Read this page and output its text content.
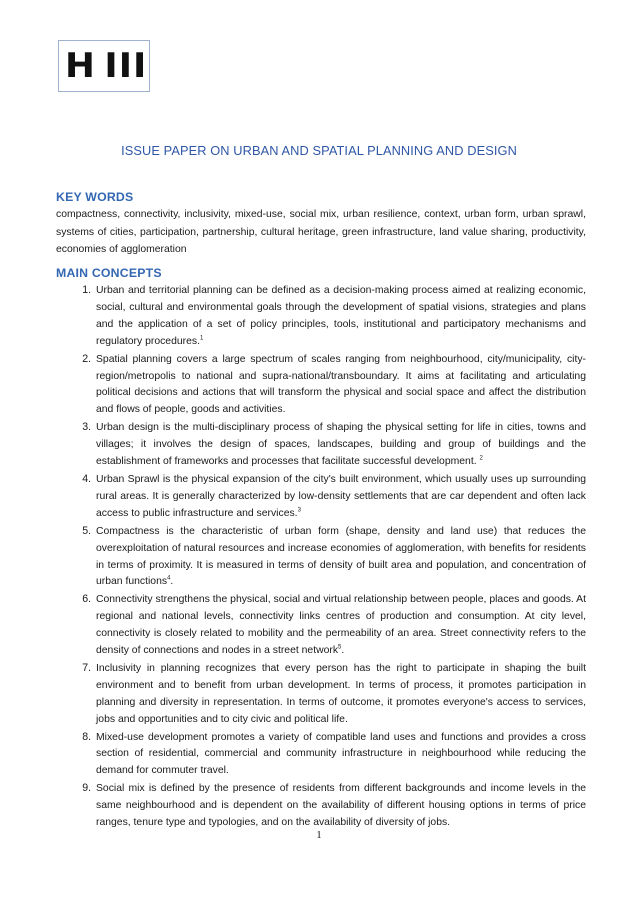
H III
ISSUE PAPER ON URBAN AND SPATIAL PLANNING AND DESIGN
KEY WORDS
compactness, connectivity, inclusivity, mixed-use, social mix, urban resilience, context, urban form, urban sprawl, systems of cities, participation, partnership, cultural heritage, green infrastructure, land value sharing, productivity, economies of agglomeration
MAIN CONCEPTS
1. Urban and territorial planning can be defined as a decision-making process aimed at realizing economic, social, cultural and environmental goals through the development of spatial visions, strategies and plans and the application of a set of policy principles, tools, institutional and participatory mechanisms and regulatory procedures.$^1$
2. Spatial planning covers a large spectrum of scales ranging from neighbourhood, city/municipality, city-region/metropolis to national and supra-national/transboundary. It aims at facilitating and articulating political decisions and actions that will transform the physical and social space and affect the distribution and flows of people, goods and activities.
3. Urban design is the multi-disciplinary process of shaping the physical setting for life in cities, towns and villages; it involves the design of spaces, landscapes, building and group of buildings and the establishment of frameworks and processes that facilitate successful development. $^2$
4. Urban Sprawl is the physical expansion of the city's built environment, which usually uses up surrounding rural areas. It is generally characterized by low-density settlements that are car dependent and often lack access to public infrastructure and services.$^3$
5. Compactness is the characteristic of urban form (shape, density and land use) that reduces the overexploitation of natural resources and increase economies of agglomeration, with benefits for residents in terms of proximity. It is measured in terms of density of built area and population, and concentration of urban functions$^4$.
6. Connectivity strengthens the physical, social and virtual relationship between people, places and goods. At regional and national levels, connectivity links centres of production and consumption. At city level, connectivity is closely related to mobility and the permeability of an area. Street connectivity refers to the density of connections and nodes in a street network$^5$.
7. Inclusivity in planning recognizes that every person has the right to participate in shaping the built environment and to benefit from urban development. In terms of process, it promotes participation in planning and diversity in representation. In terms of outcome, it promotes everyone's access to services, jobs and opportunities and to city civic and political life.
8. Mixed-use development promotes a variety of compatible land uses and functions and provides a cross section of residential, commercial and community infrastructure in neighbourhood while reducing the demand for commuter travel.
9. Social mix is defined by the presence of residents from different backgrounds and income levels in the same neighbourhood and is dependent on the availability of different housing options in terms of price ranges, tenure type and typologies, and on the availability of diversity of jobs.
1
